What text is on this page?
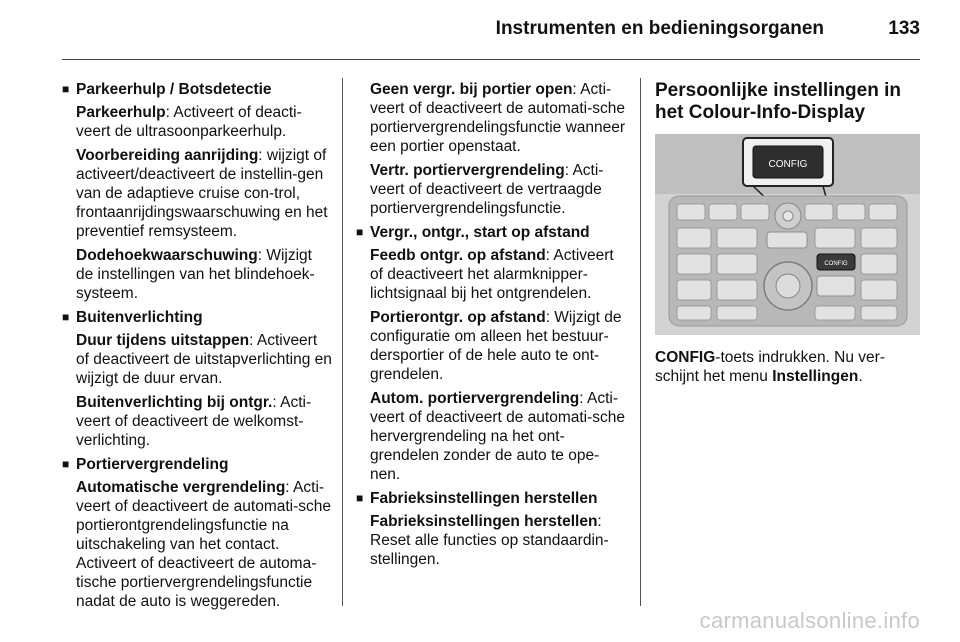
Instrumenten en bedieningsorganen	133
■ Parkeerhulp / Botsdetectie

Parkeerhulp: Activeert of deacti-veert de ultrasoonparkeerhulp.

Voorbereiding aanrijding: wijzigt of activeert/deactiveert de instellin-gen van de adaptieve cruise con-trol, frontaanrijdingswaarschuwing en het preventief remsysteem.

Dodehoekwaarschuwing: Wijzigt de instellingen van het blindehoek-systeem.

■ Buitenverlichting

Duur tijdens uitstappen: Activeert of deactiveert de uitstapverlichting en wijzigt de duur ervan.

Buitenverlichting bij ontgr.: Acti-veert of deactiveert de welkomst-verlichting.

■ Portiervergrendeling

Automatische vergrendeling: Acti-veert of deactiveert de automati-sche portierontgrendelingsfunctie na uitschakeling van het contact. Activeert of deactiveert de automa-tische portiervergrendelingsfunctie nadat de auto is weggereden.

Geen vergr. bij portier open: Acti-veert of deactiveert de automati-sche portiervergrendelingsfunctie wanneer een portier openstaat.

Vertr. portiervergrendeling: Acti-veert of deactiveert de vertraagde portiervergrendelingsfunctie.

■ Vergr., ontgr., start op afstand

Feedb ontgr. op afstand: Activeert of deactiveert het alarmknipper-lichtsignaal bij het ontgrendelen.

Portierontgr. op afstand: Wijzigt de configuratie om alleen het bestuur-dersportier of de hele auto te ont-grendelen.

Autom. portiervergrendeling: Acti-veert of deactiveert de automati-sche hervergrendeling na het ont-grendelen zonder de auto te ope-nen.

■ Fabrieksinstellingen herstellen

Fabrieksinstellingen herstellen: Reset alle functies op standaardin-stellingen.

Persoonlijke instellingen in het Colour-Info-Display
CONFIG
CONFIG

CONFIG-toets indrukken. Nu ver-schijnt het menu Instellingen.

carmanualsonline.info
